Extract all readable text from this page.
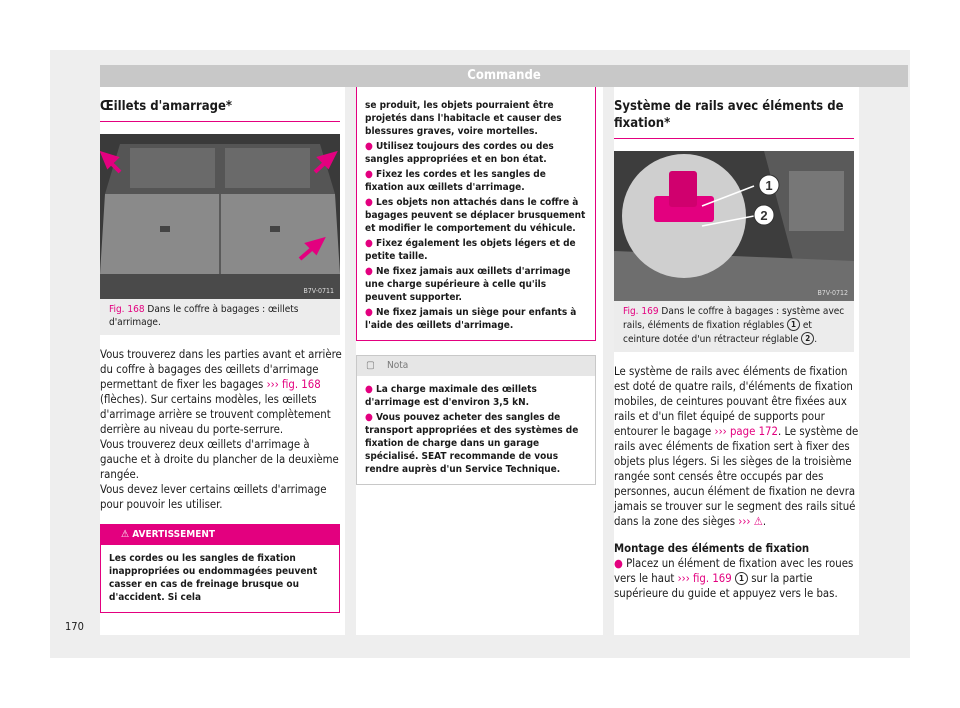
Commande
Œillets d'amarrage*
B7V-0711
Fig. 168 Dans le coffre à bagages : œillets d'arrimage.

Vous trouverez dans les parties avant et arrière du coffre à bagages des œillets d'arrimage permettant de fixer les bagages ››› fig. 168 (flèches). Sur certains modèles, les œillets d'arrimage arrière se trouvent complètement derrière au niveau du porte-serrure.

Vous trouverez deux œillets d'arrimage à gauche et à droite du plancher de la deuxième rangée.

Vous devez lever certains œillets d'arrimage pour pouvoir les utiliser.

⚠ AVERTISSEMENT
Les cordes ou les sangles de fixation inappropriées ou endommagées peuvent casser en cas de freinage brusque ou d'accident. Si cela
se produit, les objets pourraient être projetés dans l'habitacle et causer des blessures graves, voire mortelles.
● Utilisez toujours des cordes ou des sangles appropriées et en bon état.
● Fixez les cordes et les sangles de fixation aux œillets d'arrimage.
● Les objets non attachés dans le coffre à bagages peuvent se déplacer brusquement et modifier le comportement du véhicule.
● Fixez également les objets légers et de petite taille.
● Ne fixez jamais aux œillets d'arrimage une charge supérieure à celle qu'ils peuvent supporter.
● Ne fixez jamais un siège pour enfants à l'aide des œillets d'arrimage.
▢ Nota
● La charge maximale des œillets d'arrimage est d'environ 3,5 kN.
● Vous pouvez acheter des sangles de transport appropriées et des systèmes de fixation de charge dans un garage spécialisé. SEAT recommande de vous rendre auprès d'un Service Technique.
Système de rails avec éléments de fixation*
1
2
B7V-0712
Fig. 169 Dans le coffre à bagages : système avec rails, éléments de fixation réglables 1 et ceinture dotée d'un rétracteur réglable 2 .

Le système de rails avec éléments de fixation est doté de quatre rails, d'éléments de fixation mobiles, de ceintures pouvant être fixées aux rails et d'un filet équipé de supports pour entourer le bagage ››› page 172. Le système de rails avec éléments de fixation sert à fixer des objets plus légers. Si les sièges de la troisième rangée sont censés être occupés par des personnes, aucun élément de fixation ne devra jamais se trouver sur le segment des rails situé dans la zone des sièges ››› ⚠.

Montage des éléments de fixation

● Placez un élément de fixation avec les roues vers le haut ››› fig. 169 1 sur la partie supérieure du guide et appuyez vers le bas.

170
